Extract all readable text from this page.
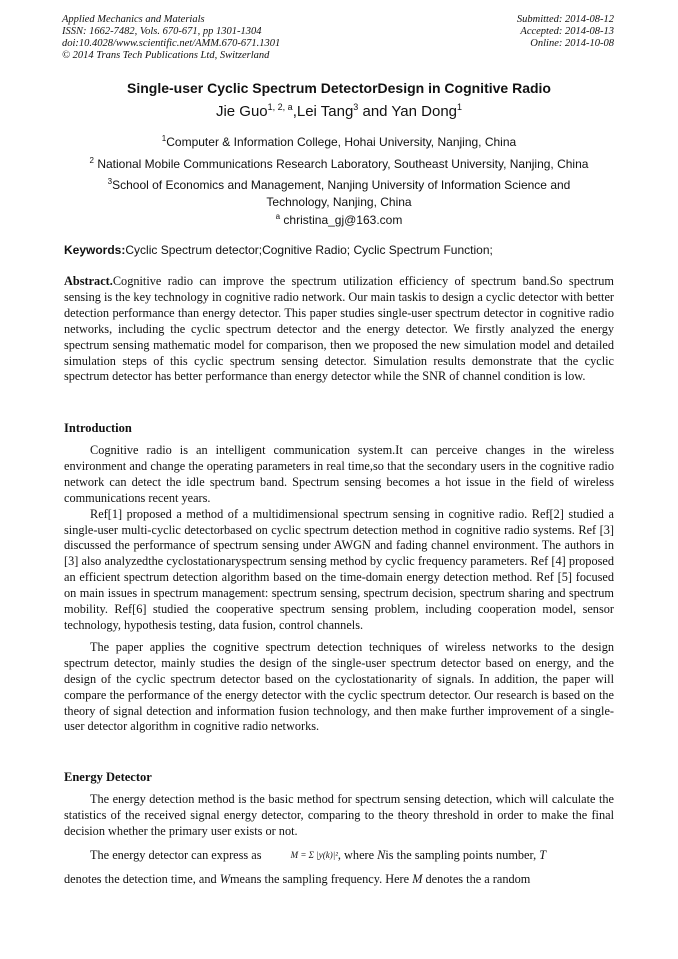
Applied Mechanics and Materials
ISSN: 1662-7482, Vols. 670-671, pp 1301-1304
doi:10.4028/www.scientific.net/AMM.670-671.1301
© 2014 Trans Tech Publications Ltd, Switzerland
Submitted: 2014-08-12
Accepted: 2014-08-13
Online: 2014-10-08
Single-user Cyclic Spectrum DetectorDesign in Cognitive Radio
Jie Guo$^{1, 2, a}$,Lei Tang$^3$ and Yan Dong$^1$
$^1$Computer & Information College, Hohai University, Nanjing, China
$^2$ National Mobile Communications Research Laboratory, Southeast University, Nanjing, China
$^3$School of Economics and Management, Nanjing University of Information Science and Technology, Nanjing, China
$^a$ christina_gj@163.com
Keywords:Cyclic Spectrum detector;Cognitive Radio; Cyclic Spectrum Function;

Abstract.Cognitive radio can improve the spectrum utilization efficiency of spectrum band.So spectrum sensing is the key technology in cognitive radio network. Our main taskis to design a cyclic detector with better detection performance than energy detector. This paper studies single-user spectrum detector in cognitive radio networks, including the cyclic spectrum detector and the energy detector. We firstly analyzed the energy spectrum sensing mathematic model for comparison, then we proposed the new simulation model and detailed simulation steps of this cyclic spectrum sensing detector. Simulation results demonstrate that the cyclic spectrum detector has better performance than energy detector while the SNR of channel condition is low.

Introduction

Cognitive radio is an intelligent communication system.It can perceive changes in the wireless environment and change the operating parameters in real time,so that the secondary users in the cognitive radio network can detect the idle spectrum band. Spectrum sensing becomes a hot issue in the field of wireless communications recent years.

Ref[1] proposed a method of a multidimensional spectrum sensing in cognitive radio. Ref[2] studied a single-user multi-cyclic detectorbased on cyclic spectrum detection method in cognitive radio systems. Ref [3] discussed the performance of spectrum sensing under AWGN and fading channel environment. The authors in [3] also analyzedthe cyclostationaryspectrum sensing method by cyclic frequency parameters. Ref [4] proposed an efficient spectrum detection algorithm based on the time-domain energy detection method. Ref [5] focused on main issues in spectrum management: spectrum sensing, spectrum decision, spectrum sharing and spectrum mobility. Ref[6] studied the cooperative spectrum sensing problem, including cooperation model, sensor technology, hypothesis testing, data fusion, control channels.

The paper applies the cognitive spectrum detection techniques of wireless networks to the design spectrum detector, mainly studies the design of the single-user spectrum detector based on energy, and the design of the cyclic spectrum detector based on the cyclostationarity of signals. In addition, the paper will compare the performance of the energy detector with the cyclic spectrum detector. Our research is based on the theory of signal detection and information fusion technology, and then make further improvement of a single-user detector algorithm in cognitive radio networks.

Energy Detector

The energy detection method is the basic method for spectrum sensing detection, which will calculate the statistics of the received signal energy detector, comparing to the theory threshold in order to make the final decision whether the primary user exists or not.

The energy detector can express as	M = Σ |y(k)|², where Nis the sampling points number, T

denotes the detection time, and Wmeans the sampling frequency. Here M denotes the a random
